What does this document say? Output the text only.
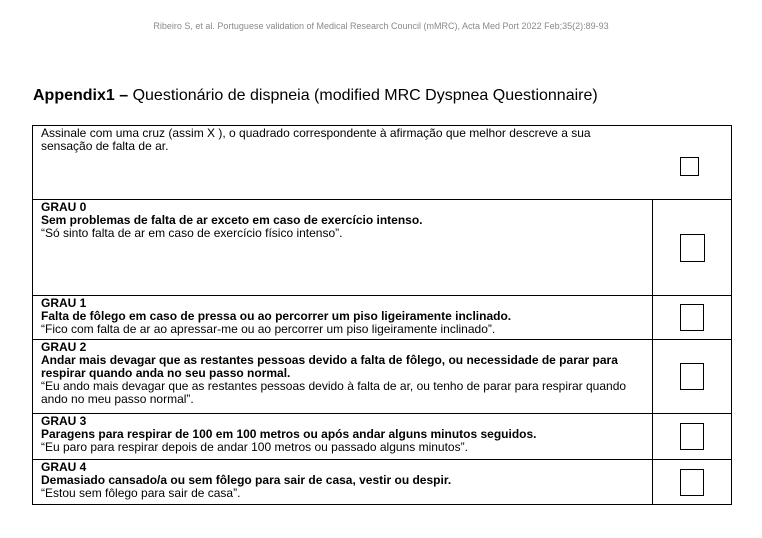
Ribeiro S, et al. Portuguese validation of Medical Research Council (mMRC), Acta Med Port 2022 Feb;35(2):89-93
Appendix1 – Questionário de dispneia (modified MRC Dyspnea Questionnaire)
Assinale com uma cruz (assim X ), o quadrado correspondente à afirmação que melhor descreve a sua sensação de falta de ar.	

GRAU 0
Sem problemas de falta de ar exceto em caso de exercício intenso.
“Só sinto falta de ar em caso de exercício físico intenso”.	

GRAU 1
Falta de fôlego em caso de pressa ou ao percorrer um piso ligeiramente inclinado.
“Fico com falta de ar ao apressar-me ou ao percorrer um piso ligeiramente inclinado”.	

GRAU 2
Andar mais devagar que as restantes pessoas devido a falta de fôlego, ou necessidade de parar para respirar quando anda no seu passo normal.
“Eu ando mais devagar que as restantes pessoas devido à falta de ar, ou tenho de parar para respirar quando ando no meu passo normal”.	

GRAU 3
Paragens para respirar de 100 em 100 metros ou após andar alguns minutos seguidos.
“Eu paro para respirar depois de andar 100 metros ou passado alguns minutos”.	

GRAU 4
Demasiado cansado/a ou sem fôlego para sair de casa, vestir ou despir.
“Estou sem fôlego para sair de casa”.	
